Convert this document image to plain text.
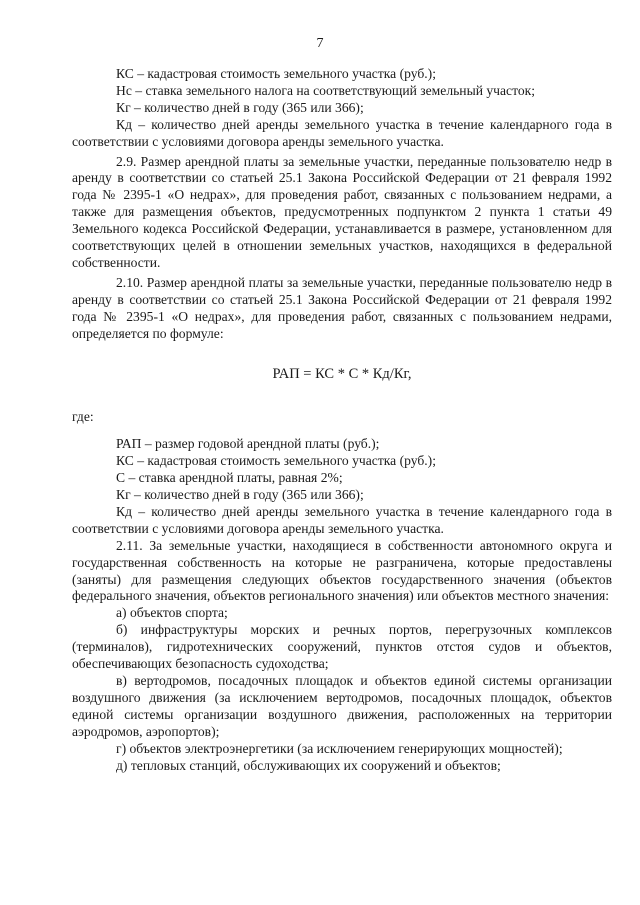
7

КС – кадастровая стоимость земельного участка (руб.);

Нс – ставка земельного налога на соответствующий земельный участок;

Кг – количество дней в году (365 или 366);

Кд – количество дней аренды земельного участка в течение календарного года в соответствии с условиями договора аренды земельного участка.

2.9. Размер арендной платы за земельные участки, переданные пользователю недр в аренду в соответствии со статьей 25.1 Закона Российской Федерации от 21 февраля 1992 года № 2395-1 «О недрах», для проведения работ, связанных с пользованием недрами, а также для размещения объектов, предусмотренных подпунктом 2 пункта 1 статьи 49 Земельного кодекса Российской Федерации, устанавливается в размере, установленном для соответствующих целей в отношении земельных участков, находящихся в федеральной собственности.

2.10. Размер арендной платы за земельные участки, переданные пользователю недр в аренду в соответствии со статьей 25.1 Закона Российской Федерации от 21 февраля 1992 года № 2395-1 «О недрах», для проведения работ, связанных с пользованием недрами, определяется по формуле:

РАП = КС * С * Кд/Кг,

где:

РАП – размер годовой арендной платы (руб.);

КС – кадастровая стоимость земельного участка (руб.);

С – ставка арендной платы, равная 2%;

Кг – количество дней в году (365 или 366);

Кд – количество дней аренды земельного участка в течение календарного года в соответствии с условиями договора аренды земельного участка.

2.11. За земельные участки, находящиеся в собственности автономного округа и государственная собственность на которые не разграничена, которые предоставлены (заняты) для размещения следующих объектов государственного значения (объектов федерального значения, объектов регионального значения) или объектов местного значения:

а) объектов спорта;

б) инфраструктуры морских и речных портов, перегрузочных комплексов (терминалов), гидротехнических сооружений, пунктов отстоя судов и объектов, обеспечивающих безопасность судоходства;

в) вертодромов, посадочных площадок и объектов единой системы организации воздушного движения (за исключением вертодромов, посадочных площадок, объектов единой системы организации воздушного движения, расположенных на территории аэродромов, аэропортов);

г) объектов электроэнергетики (за исключением генерирующих мощностей);

д) тепловых станций, обслуживающих их сооружений и объектов;
